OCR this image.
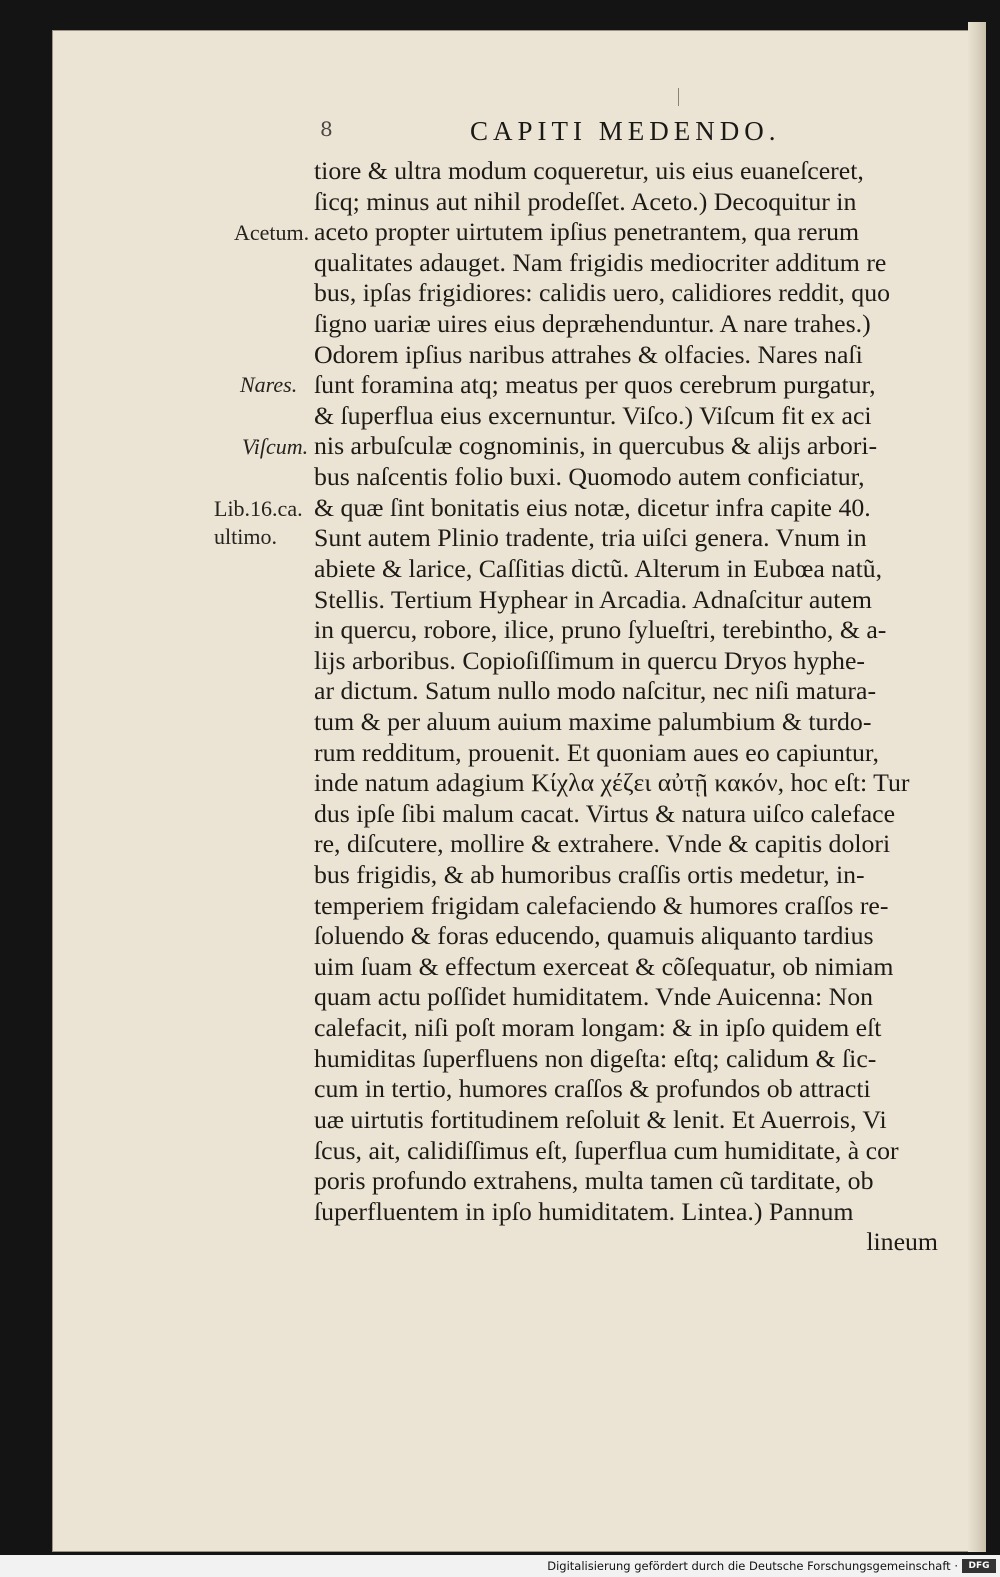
8	CAPITI MEDENDO.
Acetum.
Nares.
Viſcum.
Lib.16.ca.
ultimo.
tiore & ultra modum coqueretur, uis eius euaneſceret,
ſicq; minus aut nihil prodeſſet. Aceto.) Decoquitur in
aceto propter uirtutem ipſius penetrantem, qua rerum
qualitates adauget. Nam frigidis mediocriter additum re
bus, ipſas frigidiores: calidis uero, calidiores reddit, quo
ſigno uariæ uires eius depræhenduntur. A nare trahes.)
Odorem ipſius naribus attrahes & olfacies. Nares naſi
ſunt foramina atq; meatus per quos cerebrum purgatur,
& ſuperflua eius excernuntur. Viſco.) Viſcum fit ex aci
nis arbuſculæ cognominis, in quercubus & alijs arbori-
bus naſcentis folio buxi. Quomodo autem conficiatur,
& quæ ſint bonitatis eius notæ, dicetur infra capite 40.
Sunt autem Plinio tradente, tria uiſci genera. Vnum in
abiete & larice, Caſſitias dictũ. Alterum in Eubœa natũ,
Stellis. Tertium Hyphear in Arcadia. Adnaſcitur autem
in quercu, robore, ilice, pruno ſylueſtri, terebintho, & a-
lijs arboribus. Copioſiſſimum in quercu Dryos hyphe-
ar dictum. Satum nullo modo naſcitur, nec niſi matura-
tum & per aluum auium maxime palumbium & turdo-
rum redditum, prouenit. Et quoniam aues eo capiuntur,
inde natum adagium Κίχλα χέζει αὐτῇ κακόν, hoc eſt: Tur
dus ipſe ſibi malum cacat. Virtus & natura uiſco caleface
re, diſcutere, mollire & extrahere. Vnde & capitis dolori
bus frigidis, & ab humoribus craſſis ortis medetur, in-
temperiem frigidam calefaciendo & humores craſſos re-
ſoluendo & foras educendo, quamuis aliquanto tardius
uim ſuam & effectum exerceat & cõſequatur, ob nimiam
quam actu poſſidet humiditatem. Vnde Auicenna: Non
calefacit, niſi poſt moram longam: & in ipſo quidem eſt
humiditas ſuperfluens non digeſta: eſtq; calidum & ſic-
cum in tertio, humores craſſos & profundos ob attracti
uæ uirtutis fortitudinem reſoluit & lenit. Et Auerrois, Vi
ſcus, ait, calidiſſimus eſt, ſuperflua cum humiditate, à cor
poris profundo extrahens, multa tamen cũ tarditate, ob
ſuperfluentem in ipſo humiditatem. Lintea.) Pannum
lineum
Digitalisierung gefördert durch die Deutsche Forschungsgemeinschaft ·	DFG
